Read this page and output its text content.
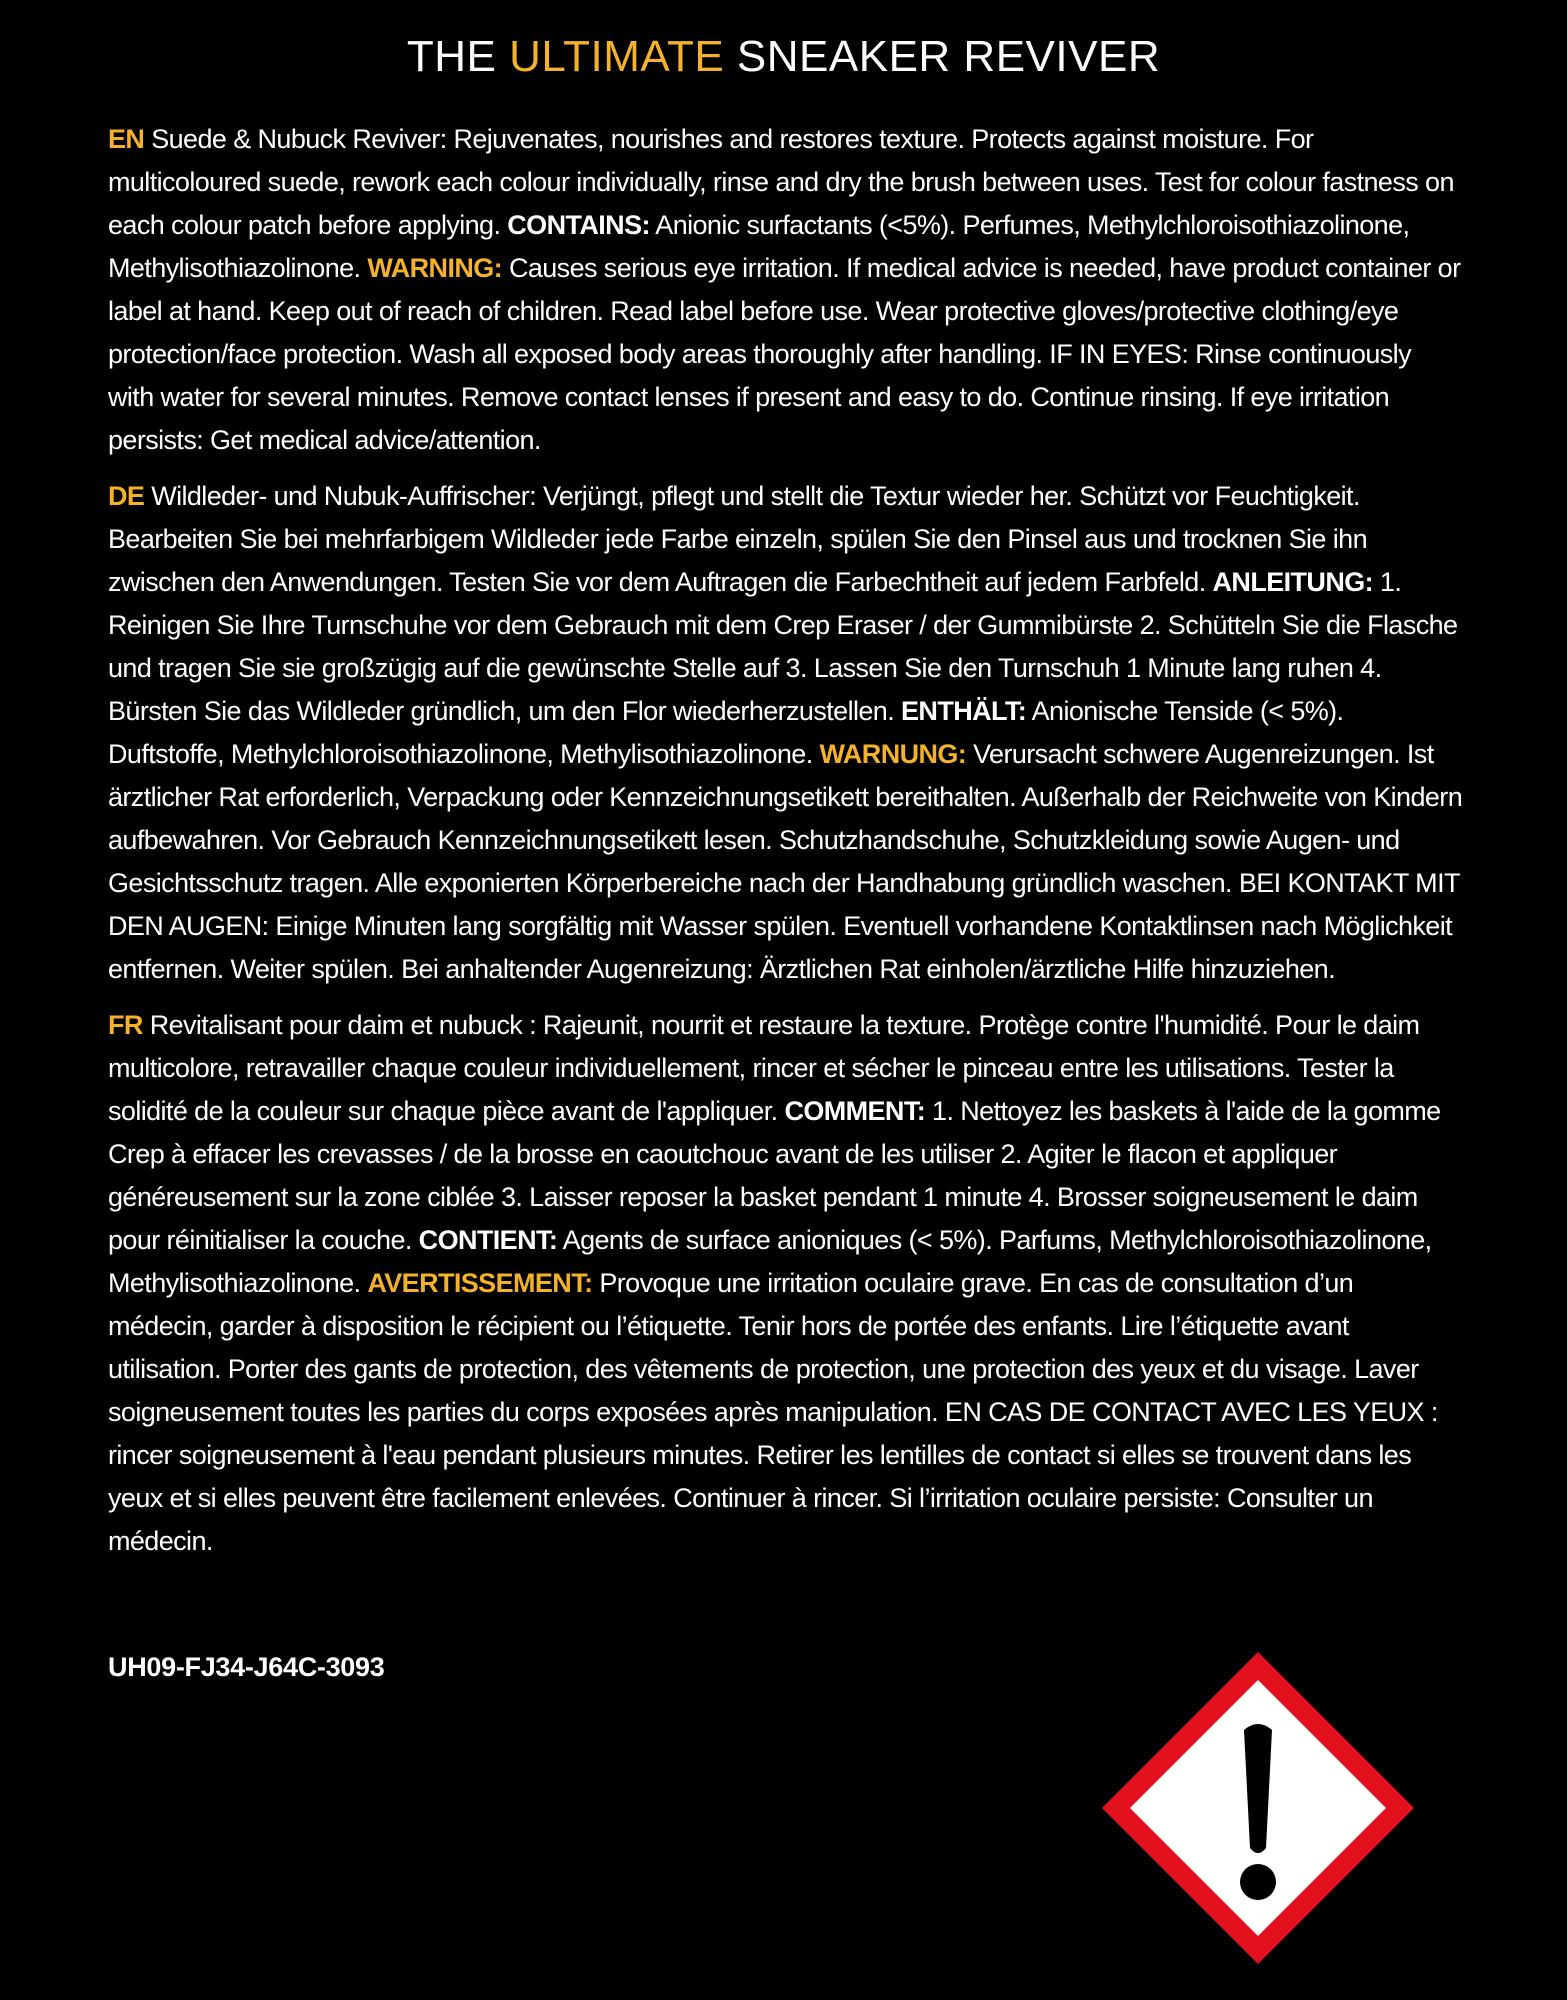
THE ULTIMATE SNEAKER REVIVER

EN Suede & Nubuck Reviver: Rejuvenates, nourishes and restores texture. Protects against moisture. For multicoloured suede, rework each colour individually, rinse and dry the brush between uses. Test for colour fastness on each colour patch before applying. CONTAINS: Anionic surfactants (<5%). Perfumes, Methylchloroisothiazolinone, Methylisothiazolinone. WARNING: Causes serious eye irritation. If medical advice is needed, have product container or label at hand. Keep out of reach of children. Read label before use. Wear protective gloves/protective clothing/eye protection/face protection. Wash all exposed body areas thoroughly after handling. IF IN EYES: Rinse continuously with water for several minutes. Remove contact lenses if present and easy to do. Continue rinsing. If eye irritation persists: Get medical advice/attention.

DE Wildleder- und Nubuk-Auffrischer: Verjüngt, pflegt und stellt die Textur wieder her. Schützt vor Feuchtigkeit. Bearbeiten Sie bei mehrfarbigem Wildleder jede Farbe einzeln, spülen Sie den Pinsel aus und trocknen Sie ihn zwischen den Anwendungen. Testen Sie vor dem Auftragen die Farbechtheit auf jedem Farbfeld. ANLEITUNG: 1. Reinigen Sie Ihre Turnschuhe vor dem Gebrauch mit dem Crep Eraser / der Gummibürste 2. Schütteln Sie die Flasche und tragen Sie sie großzügig auf die gewünschte Stelle auf 3. Lassen Sie den Turnschuh 1 Minute lang ruhen 4. Bürsten Sie das Wildleder gründlich, um den Flor wiederherzustellen. ENTHÄLT: Anionische Tenside (< 5%). Duftstoffe, Methylchloroisothiazolinone, Methylisothiazolinone. WARNUNG: Verursacht schwere Augenreizungen. Ist ärztlicher Rat erforderlich, Verpackung oder Kennzeichnungsetikett bereithalten. Außerhalb der Reichweite von Kindern aufbewahren. Vor Gebrauch Kennzeichnungsetikett lesen. Schutzhandschuhe, Schutzkleidung sowie Augen- und Gesichtsschutz tragen. Alle exponierten Körperbereiche nach der Handhabung gründlich waschen. BEI KONTAKT MIT DEN AUGEN: Einige Minuten lang sorgfältig mit Wasser spülen. Eventuell vorhandene Kontaktlinsen nach Möglichkeit entfernen. Weiter spülen. Bei anhaltender Augenreizung: Ärztlichen Rat einholen/ärztliche Hilfe hinzuziehen.

FR Revitalisant pour daim et nubuck : Rajeunit, nourrit et restaure la texture. Protège contre l'humidité. Pour le daim multicolore, retravailler chaque couleur individuellement, rincer et sécher le pinceau entre les utilisations. Tester la solidité de la couleur sur chaque pièce avant de l'appliquer. COMMENT: 1. Nettoyez les baskets à l'aide de la gomme Crep à effacer les crevasses / de la brosse en caoutchouc avant de les utiliser 2. Agiter le flacon et appliquer généreusement sur la zone ciblée 3. Laisser reposer la basket pendant 1 minute 4. Brosser soigneusement le daim pour réinitialiser la couche. CONTIENT: Agents de surface anioniques (< 5%). Parfums, Methylchloroisothiazolinone, Methylisothiazolinone. AVERTISSEMENT: Provoque une irritation oculaire grave. En cas de consultation d’un médecin, garder à disposition le récipient ou l’étiquette. Tenir hors de portée des enfants. Lire l’étiquette avant utilisation. Porter des gants de protection, des vêtements de protection, une protection des yeux et du visage. Laver soigneusement toutes les parties du corps exposées après manipulation. EN CAS DE CONTACT AVEC LES YEUX : rincer soigneusement à l'eau pendant plusieurs minutes. Retirer les lentilles de contact si elles se trouvent dans les yeux et si elles peuvent être facilement enlevées. Continuer à rincer. Si l’irritation oculaire persiste: Consulter un médecin.

UH09-FJ34-J64C-3093
